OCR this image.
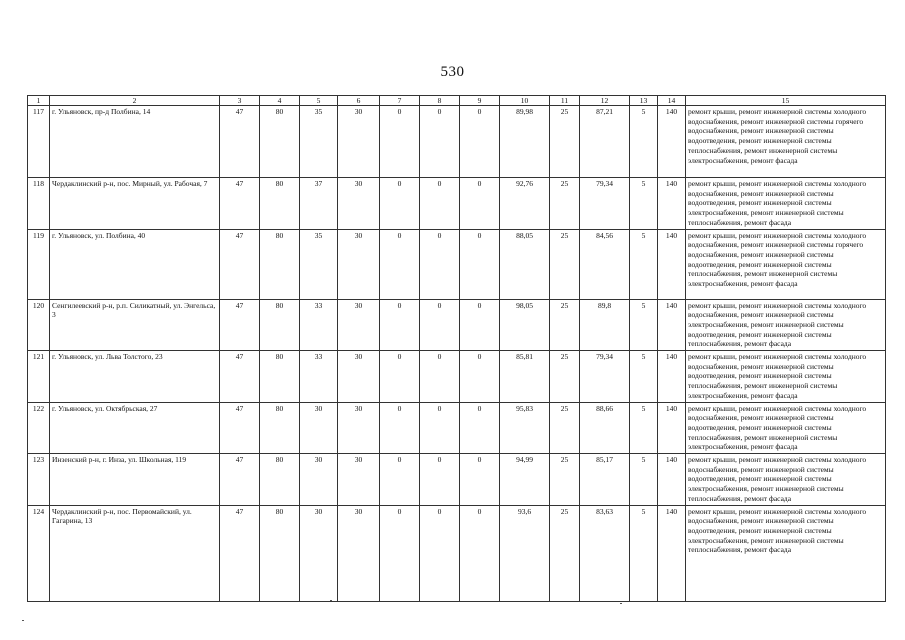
530
1	2	3	4	5	6	7	8	9	10	11	12	13	14	15
117	г. Ульяновск, пр-д Полбина, 14	47	80	35	30	0	0	0	89,98	25	87,21	5	140	ремонт крыши, ремонт инженерной системы холодного водоснабжения, ремонт инженерной системы горячего водоснабжения, ремонт инженерной системы водоотведения, ремонт инженерной системы теплоснабжения, ремонт инженерной системы электроснабжения, ремонт фасада
118	Чердаклинский р-н, пос. Мирный, ул. Рабочая, 7	47	80	37	30	0	0	0	92,76	25	79,34	5	140	ремонт крыши, ремонт инженерной системы холодного водоснабжения, ремонт инженерной системы водоотведения, ремонт инженерной системы электроснабжения, ремонт инженерной системы теплоснабжения, ремонт фасада
119	г. Ульяновск, ул. Полбина, 40	47	80	35	30	0	0	0	88,05	25	84,56	5	140	ремонт крыши, ремонт инженерной системы холодного водоснабжения, ремонт инженерной системы горячего водоснабжения, ремонт инженерной системы водоотведения, ремонт инженерной системы теплоснабжения, ремонт инженерной системы электроснабжения, ремонт фасада
120	Сенгилеевский р-н, р.п. Силикатный, ул. Энгельса, 3	47	80	33	30	0	0	0	98,05	25	89,8	5	140	ремонт крыши, ремонт инженерной системы холодного водоснабжения, ремонт инженерной системы электроснабжения, ремонт инженерной системы водоотведения, ремонт инженерной системы теплоснабжения, ремонт фасада
121	г. Ульяновск, ул. Льва Толстого, 23	47	80	33	30	0	0	0	85,81	25	79,34	5	140	ремонт крыши, ремонт инженерной системы холодного водоснабжения, ремонт инженерной системы водоотведения, ремонт инженерной системы теплоснабжения, ремонт инженерной системы электроснабжения, ремонт фасада
122	г. Ульяновск, ул. Октябрьская, 27	47	80	30	30	0	0	0	95,83	25	88,66	5	140	ремонт крыши, ремонт инженерной системы холодного водоснабжения, ремонт инженерной системы водоотведения, ремонт инженерной системы теплоснабжения, ремонт инженерной системы электроснабжения, ремонт фасада
123	Инзенский р-н, г. Инза, ул. Школьная, 119	47	80	30	30	0	0	0	94,99	25	85,17	5	140	ремонт крыши, ремонт инженерной системы холодного водоснабжения, ремонт инженерной системы водоотведения, ремонт инженерной системы электроснабжения, ремонт инженерной системы теплоснабжения, ремонт фасада
124	Чердаклинский р-н, пос. Первомайский, ул. Гагарина, 13	47	80	30	30	0	0	0	93,6	25	83,63	5	140	ремонт крыши, ремонт инженерной системы холодного водоснабжения, ремонт инженерной системы водоотведения, ремонт инженерной системы электроснабжения, ремонт инженерной системы теплоснабжения, ремонт фасада
